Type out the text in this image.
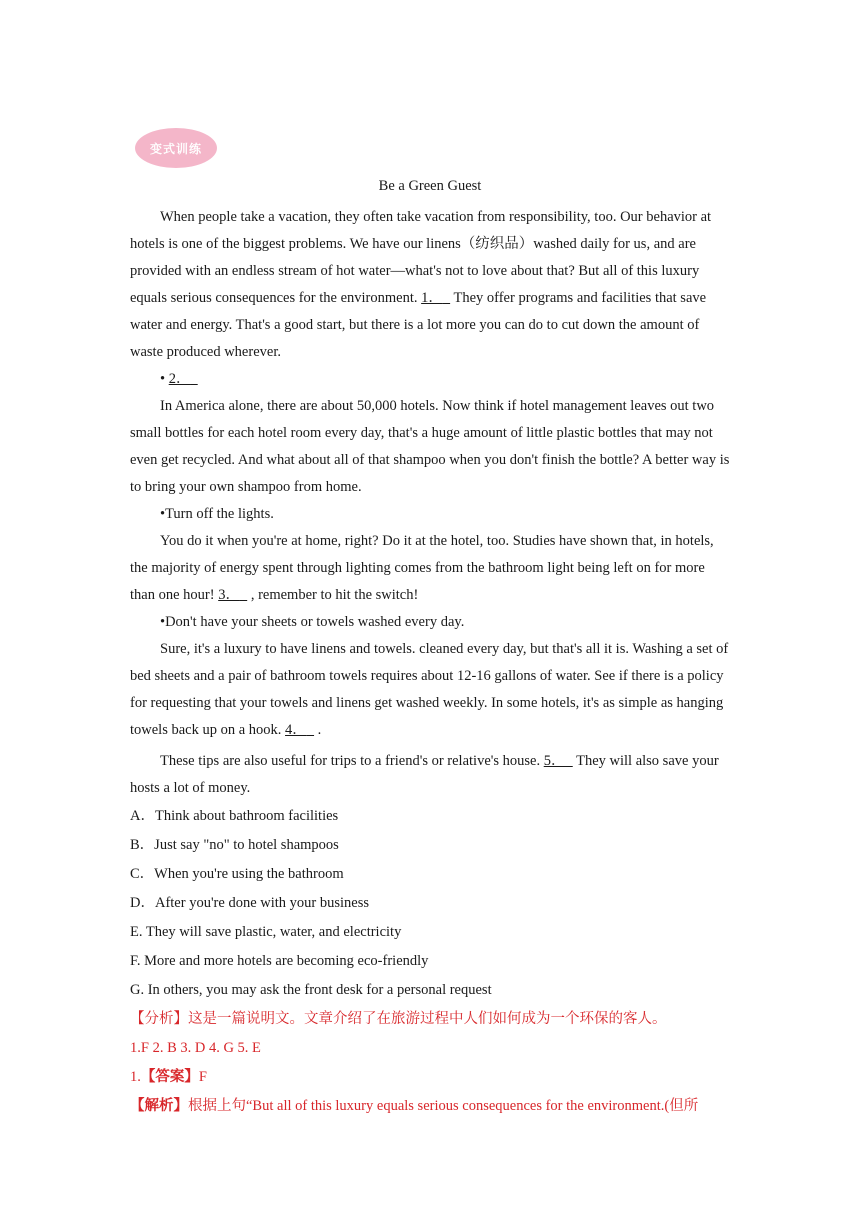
变式训练
Be a Green Guest

When people take a vacation, they often take vacation from responsibility, too. Our behavior at hotels is one of the biggest problems. We have our linens（纺织品）washed daily for us, and are provided with an endless stream of hot water—what's not to love about that? But all of this luxury equals serious consequences for the environment. 1．   They offer programs and facilities that save water and energy. That's a good start, but there is a lot more you can do to cut down the amount of waste produced wherever.

• 2．

In America alone, there are about 50,000 hotels. Now think if hotel management leaves out two small bottles for each hotel room every day, that's a huge amount of little plastic bottles that may not even get recycled. And what about all of that shampoo when you don't finish the bottle? A better way is to bring your own shampoo from home.

•Turn off the lights.

You do it when you're at home, right? Do it at the hotel, too. Studies have shown that, in hotels, the majority of energy spent through lighting comes from the bathroom light being left on for more than one hour! 3．   , remember to hit the switch!

•Don't have your sheets or towels washed every day.

Sure, it's a luxury to have linens and towels. cleaned every day, but that's all it is. Washing a set of bed sheets and a pair of bathroom towels requires about 12-16 gallons of water. See if there is a policy for requesting that your towels and linens get washed weekly. In some hotels, it's as simple as hanging towels back up on a hook. 4．   .

These tips are also useful for trips to a friend's or relative's house. 5．   They will also save your hosts a lot of money.

A．Think about bathroom facilities

B．Just say "no" to hotel shampoos

C．When you're using the bathroom

D．After you're done with your business

E. They will save plastic, water, and electricity

F. More and more hotels are becoming eco-friendly

G. In others, you may ask the front desk for a personal request

【分析】这是一篇说明文。文章介绍了在旅游过程中人们如何成为一个环保的客人。

1.F 2. B 3. D 4. G 5. E

1.【答案】F

【解析】根据上句“But all of this luxury equals serious consequences for the environment.(但所
